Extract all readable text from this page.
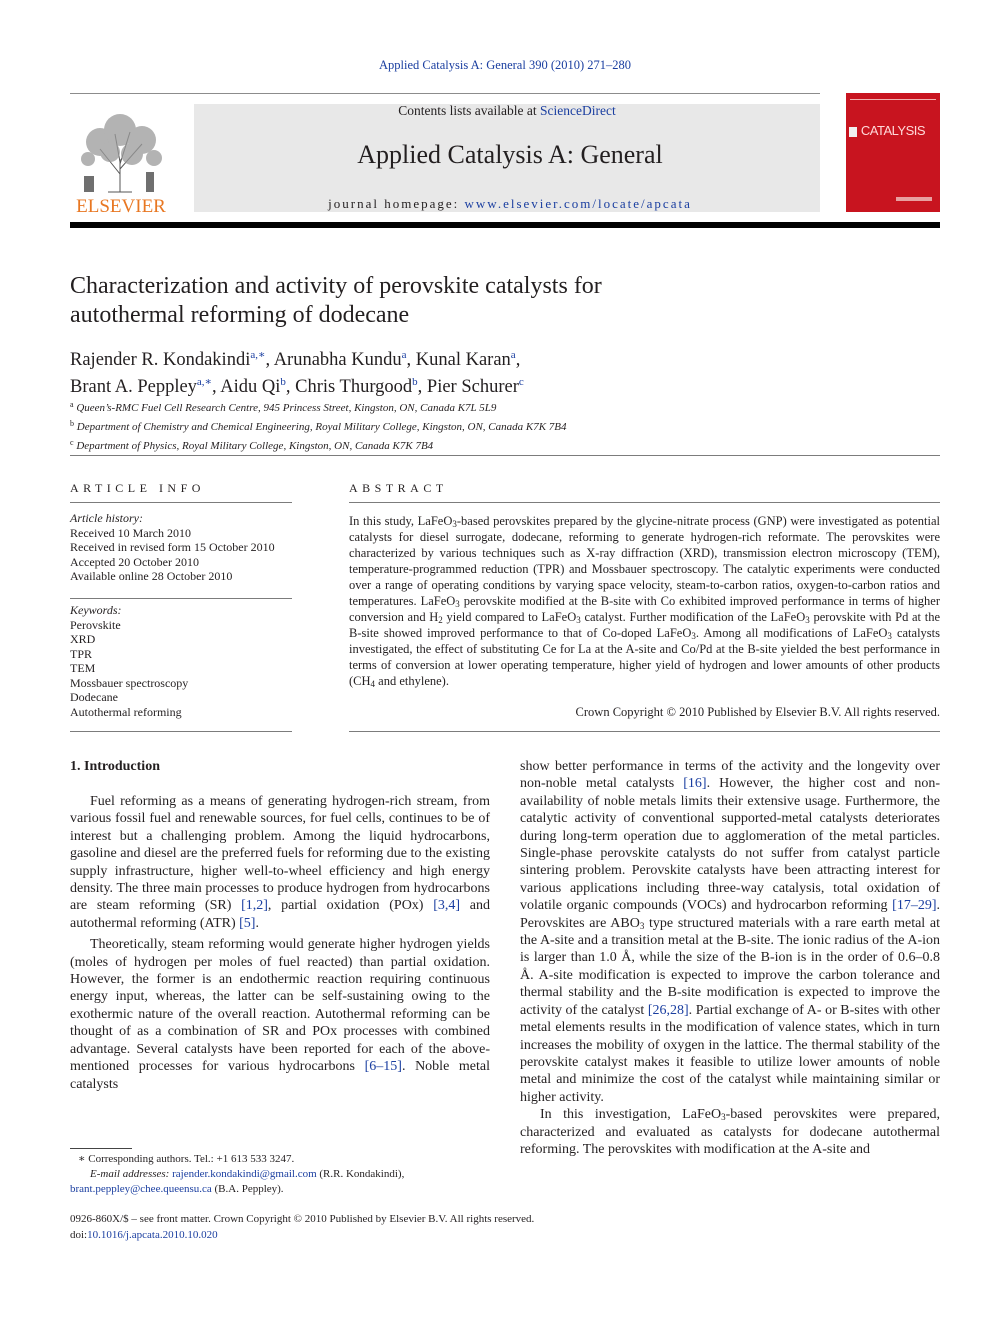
Applied Catalysis A: General 390 (2010) 271–280
ELSEVIER
Contents lists available at ScienceDirect
Applied Catalysis A: General
journal homepage: www.elsevier.com/locate/apcata
CATALYSIS
Characterization and activity of perovskite catalysts for
autothermal reforming of dodecane
Rajender R. Kondakindi$^{a,∗}$, Arunabha Kundu$^a$, Kunal Karan$^a$,
Brant A. Peppley$^{a,∗}$, Aidu Qi$^b$, Chris Thurgood$^b$, Pier Schurer$^c$
$^a$ Queen’s-RMC Fuel Cell Research Centre, 945 Princess Street, Kingston, ON, Canada K7L 5L9
$^b$ Department of Chemistry and Chemical Engineering, Royal Military College, Kingston, ON, Canada K7K 7B4
$^c$ Department of Physics, Royal Military College, Kingston, ON, Canada K7K 7B4
ARTICLE INFO
Article history:
Received 10 March 2010
Received in revised form 15 October 2010
Accepted 20 October 2010
Available online 28 October 2010
Keywords:
Perovskite
XRD
TPR
TEM
Mossbauer spectroscopy
Dodecane
Autothermal reforming
ABSTRACT
In this study, LaFeO$_3$-based perovskites prepared by the glycine-nitrate process (GNP) were investigated as potential catalysts for diesel surrogate, dodecane, reforming to generate hydrogen-rich reformate. The perovskites were characterized by various techniques such as X-ray diffraction (XRD), transmission electron microscopy (TEM), temperature-programmed reduction (TPR) and Mossbauer spectroscopy. The catalytic experiments were conducted over a range of operating conditions by varying space velocity, steam-to-carbon ratios, oxygen-to-carbon ratios and temperatures. LaFeO$_3$ perovskite modified at the B-site with Co exhibited improved performance in terms of higher conversion and $H_2$ yield compared to LaFeO$_3$ catalyst. Further modification of the LaFeO$_3$ perovskite with Pd at the B-site showed improved performance to that of Co-doped LaFeO$_3$. Among all modifications of LaFeO$_3$ catalysts investigated, the effect of substituting Ce for La at the A-site and Co/Pd at the B-site yielded the best performance in terms of conversion at lower operating temperature, higher yield of hydrogen and lower amounts of other products ($CH_4$ and ethylene).
Crown Copyright © 2010 Published by Elsevier B.V. All rights reserved.
1. Introduction

Fuel reforming as a means of generating hydrogen-rich stream, from various fossil fuel and renewable sources, for fuel cells, continues to be of interest but a challenging problem. Among the liquid hydrocarbons, gasoline and diesel are the preferred fuels for reforming due to the existing supply infrastructure, higher well-to-wheel efficiency and high energy density. The three main processes to produce hydrogen from hydrocarbons are steam reforming (SR) [1,2], partial oxidation (POx) [3,4] and autothermal reforming (ATR) [5].

Theoretically, steam reforming would generate higher hydrogen yields (moles of hydrogen per moles of fuel reacted) than partial oxidation. However, the former is an endothermic reaction requiring continuous energy input, whereas, the latter can be self-sustaining owing to the exothermic nature of the overall reaction. Autothermal reforming can be thought of as a combination of SR and POx processes with combined advantage. Several catalysts have been reported for each of the above-mentioned processes for various hydrocarbons [6–15]. Noble metal catalysts

show better performance in terms of the activity and the longevity over non-noble metal catalysts [16]. However, the higher cost and non-availability of noble metals limits their extensive usage. Furthermore, the catalytic activity of conventional supported-metal catalysts deteriorates during long-term operation due to agglomeration of the metal particles. Single-phase perovskite catalysts do not suffer from catalyst particle sintering problem. Perovskite catalysts have been attracting interest for various applications including three-way catalysis, total oxidation of volatile organic compounds (VOCs) and hydrocarbon reforming [17–29]. Perovskites are $ABO_3$ type structured materials with a rare earth metal at the A-site and a transition metal at the B-site. The ionic radius of the A-ion is larger than 1.0 Å, while the size of the B-ion is in the order of 0.6–0.8 Å. A-site modification is expected to improve the carbon tolerance and thermal stability and the B-site modification is expected to improve the activity of the catalyst [26,28]. Partial exchange of A- or B-sites with other metal elements results in the modification of valence states, which in turn increases the mobility of oxygen in the lattice. The thermal stability of the perovskite catalyst makes it feasible to utilize lower amounts of noble metal and minimize the cost of the catalyst while maintaining similar or higher activity.

In this investigation, LaFeO$_3$-based perovskites were prepared, characterized and evaluated as catalysts for dodecane autothermal reforming. The perovskites with modification at the A-site and

∗ Corresponding authors. Tel.: +1 613 533 3247.
E-mail addresses: rajender.kondakindi@gmail.com (R.R. Kondakindi),
brant.peppley@chee.queensu.ca (B.A. Peppley).
0926-860X/$ – see front matter. Crown Copyright © 2010 Published by Elsevier B.V. All rights reserved.
doi:10.1016/j.apcata.2010.10.020
